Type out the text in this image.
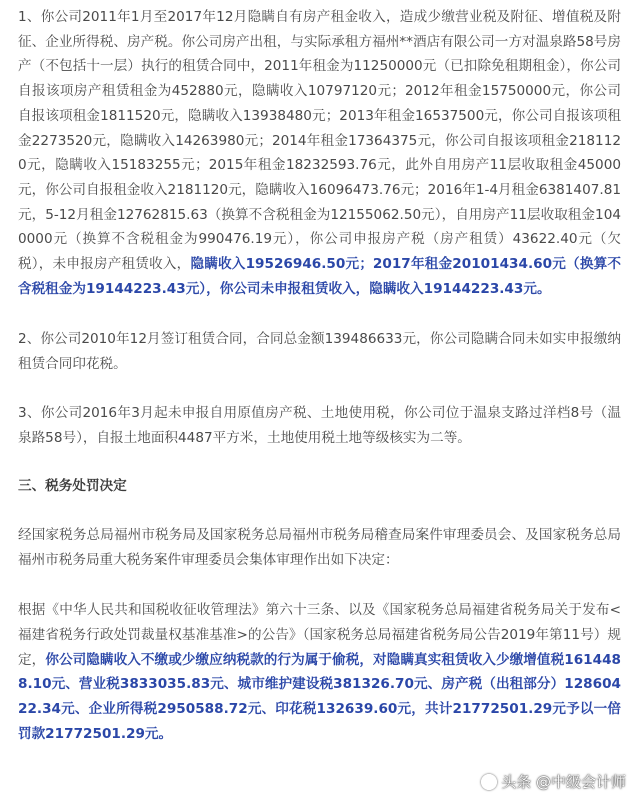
1、你公司2011年1月至2017年12月隐瞒自有房产租金收入，造成少缴营业税及附征、增值税及附征、企业所得税、房产税。你公司房产出租，与实际承租方福州**酒店有限公司一方对温泉路58号房产（不包括十一层）执行的租赁合同中，2011年租金为11250000元（已扣除免租期租金），你公司自报该项房产租赁租金为452880元，隐瞒收入10797120元；2012年租金15750000元，你公司自报该项租金1811520元，隐瞒收入13938480元；2013年租金16537500元，你公司自报该项租金2273520元，隐瞒收入14263980元；2014年租金17364375元，你公司自报该项租金2181120元，隐瞒收入15183255元；2015年租金18232593.76元，此外自用房产11层收取租金45000元，你公司自报租金收入2181120元，隐瞒收入16096473.76元；2016年1-4月租金6381407.81元，5-12月租金12762815.63（换算不含税租金为12155062.50元），自用房产11层收取租金1040000元（换算不含税租金为990476.19元），你公司申报房产税（房产租赁）43622.40元（欠税），未申报房产租赁收入，隐瞒收入19526946.50元；2017年租金20101434.60元（换算不含税租金为19144223.43元），你公司未申报租赁收入，隐瞒收入19144223.43元。

2、你公司2010年12月签订租赁合同，合同总金额139486633元，你公司隐瞒合同未如实申报缴纳租赁合同印花税。

3、你公司2016年3月起未申报自用原值房产税、土地使用税，你公司位于温泉支路过洋档8号（温泉路58号），自报土地面积4487平方米，土地使用税土地等级核实为二等。

三、税务处罚决定

经国家税务总局福州市税务局及国家税务总局福州市税务局稽查局案件审理委员会、及国家税务总局福州市税务局重大税务案件审理委员会集体审理作出如下决定：

根据《中华人民共和国税收征收管理法》第六十三条、以及《国家税务总局福建省税务局关于发布<福建省税务行政处罚裁量权基准基准>的公告》（国家税务总局福建省税务局公告2019年第11号）规定，你公司隐瞒收入不缴或少缴应纳税款的行为属于偷税，对隐瞒真实租赁收入少缴增值税1614488.10元、营业税3833035.83元、城市维护建设税381326.70元、房产税（出租部分）12860422.34元、企业所得税2950588.72元、印花税132639.60元，共计21772501.29元予以一倍罚款21772501.29元。

头条 @中级会计师
